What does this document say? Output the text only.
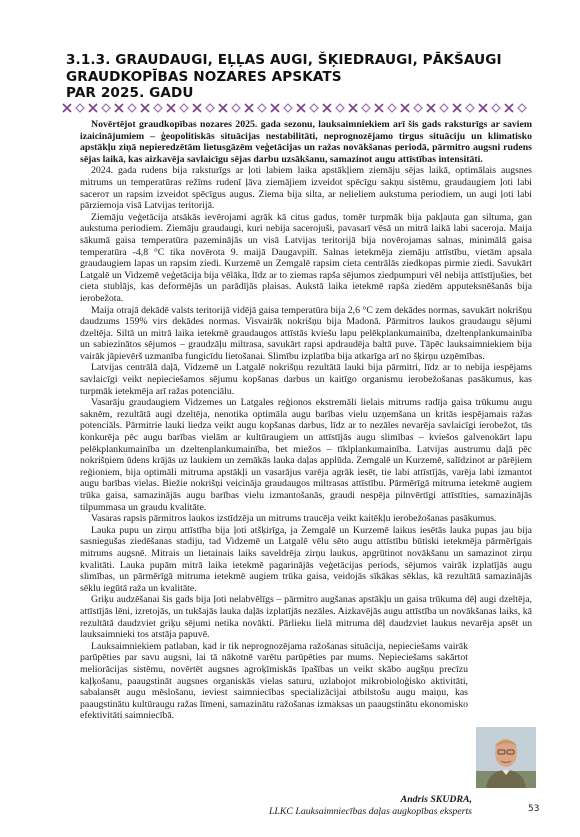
3.1.3. GRAUDAUGI, EĻĻAS AUGI, ŠĶIEDRAUGI, PĀKŠAUGI
GRAUDKOPĪBAS NOZARES APSKATS
PAR 2025. GADU

Novērtējot graudkopības nozares 2025. gada sezonu, lauksaimniekiem arī šis gads raksturīgs ar saviem izaicinājumiem – ģeopolitiskās situācijas nestabilitāti, neprognozējamo tirgus situāciju un klimatisko apstākļu ziņā nepieredzētām lietusgāzēm veģetācijas un ražas novākšanas periodā, pārmitro augsni rudens sējas laikā, kas aizkavēja savlaicīgu sējas darbu uzsākšanu, samazinot augu attīstības intensitāti.

2024. gada rudens bija raksturīgs ar ļoti labiem laika apstākļiem ziemāju sējas laikā, optimālais augsnes mitrums un temperatūras režīms rudenī ļāva ziemājiem izveidot spēcīgu sakņu sistēmu, graudaugiem ļoti labi saceroт un rapsim izveidot spēcīgus augus. Ziema bija silta, ar nelieliem aukstuma periodiem, un augi ļoti labi pārziemoja visā Latvijas teritorijā.

Ziemāju veģetācija atsākās ievērojami agrāk kā citus gadus, tomēr turpmāk bija pakļauta gan siltuma, gan aukstuma periodiem. Ziemāju graudaugi, kuri nebija sacerojuši, pavasarī vēsā un mitrā laikā labi saceroja. Maija sākumā gaisa temperatūra pazeminājās un visā Latvijas teritorijā bija novērojamas salnas, minimālā gaisa temperatūra -4,8 °C tika novērota 9. maijā Daugavpilī. Salnas ietekmēja ziemāju attīstību, vietām apsala graudaugiem lapas un rapsim ziedi. Kurzemē un Zemgalē rapsim cieta centrālās ziedkopas pirmie ziedi. Savukārt Latgalē un Vidzemē veģetācija bija vēlāka, līdz ar to ziemas rapša sējumos ziedpumpuri vēl nebija attīstījušies, bet cieta stublājs, kas deformējās un parādījās plaisas. Aukstā laika ietekmē rapša ziedēm apputeksnēšanās bija ierobežota.

Maija otrajā dekādē valsts teritorijā vidējā gaisa temperatūra bija 2,6 °C zem dekādes normas, savukārt nokrišņu daudzums 159% virs dekādes normas. Visvairāk nokrišņu bija Madonā. Pārmitros laukos graudaugu sējumi dzeltēja. Siltā un mitrā laika ietekmē graudaugos attīstās kviešu lapu pelēkplankumainība, dzeltenplankumainība un sabiezinātos sējumos – graudzāļu miltrasa, savukārt rapsi apdraudēja baltā puve. Tāpēc lauksaimniekiem bija vairāk jāpievērš uzmanība fungicīdu lietošanai. Slimību izplatība bija atkarīga arī no šķirņu uzņēmības.

Latvijas centrālā daļā, Vidzemē un Latgalē nokrišņu rezultātā lauki bija pārmitri, līdz ar to nebija iespējams savlaicīgi veikt nepieciešamos sējumu kopšanas darbus un kaitīgo organismu ierobežošanas pasākumus, kas turpmāk ietekmēja arī ražas potenciālu.

Vasarāju graudaugiem Vidzemes un Latgales reģionos ekstremāli lielais mitrums radīja gaisa trūkumu augu saknēm, rezultātā augi dzeltēja, nenotika optimāla augu barības vielu uzņemšana un kritās iespējamais ražas potenciāls. Pārmitrie lauki liedza veikt augu kopšanas darbus, līdz ar to nezāles nevarēja savlaicīgi ierobežot, tās konkurēja pēc augu barības vielām ar kultūraugiem un attīstījās augu slimības – kviešos galvenokārt lapu pelēkplankumainība un dzeltenplankumainība, bet miežos – tīklplankumainība. Latvijas austrumu daļā pēc nokrišņiem ūdens krājās uz laukiem un zemākās lauka daļas applūda. Zemgalē un Kurzemē, salīdzinot ar pārējiem reģioniem, bija optimāli mitruma apstākļi un vasarājus varēja agrāk iesēt, tie labi attīstījās, varēja labi izmantot augu barības vielas. Biežie nokrišņi veicināja graudaugos miltrasas attīstību. Pārmērīgā mitruma ietekmē augiem trūka gaisa, samazinājās augu barības vielu izmantošanās, graudi nespēja pilnvērtīgi attīstīties, samazinājās tilpummasa un graudu kvalitāte.

Vasaras rapsis pārmitros laukos izstīdzēja un mitrums traucēja veikt kaitēkļu ierobežošanas pasākumus.

Lauka pupu un zirņu attīstība bija ļoti atšķirīga, ja Zemgalē un Kurzemē laikus iesētās lauka pupas jau bija sasniegušas ziedēšanas stadiju, tad Vidzemē un Latgalē vēlu sēto augu attīstību būtiski ietekmēja pārmērīgais mitrums augsnē. Mitrais un lietainais laiks saveldrēja zirņu laukus, apgrūtinot novākšanu un samazinot zirņu kvalitāti. Lauka pupām mitrā laika ietekmē pagarinājās veģetācijas periods, sējumos vairāk izplatījās augu slimības, un pārmērīgā mitruma ietekmē augiem trūka gaisa, veidojās sīkākas sēklas, kā rezultātā samazinājās sēklu iegūtā raža un kvalitāte.

Griķu audzēšanai šis gads bija ļoti nelabvēlīgs – pārmitro augšanas apstākļu un gaisa trūkuma dēļ augi dzeltēja, attīstījās lēni, izretojās, un tukšajās lauka daļās izplatījās nezāles. Aizkavējās augu attīstība un novākšanas laiks, kā rezultātā daudzviet griķu sējumi netika novākti. Pārlieku lielā mitruma dēļ daudzviet laukus nevarēja apsēt un lauksaimnieki tos atstāja papuvē.

Lauksaimniekiem patlaban, kad ir tik neprognozējama ražošanas situācija, nepieciešams vairāk parūpēties par savu augsni, lai tā nākotnē varētu parūpēties par mums. Nepieciešams sakārtot meliorācijas sistēmu, novērtēt augsnes agroķīmiskās īpašības un veikt skābo augšņu precīzu kaļķošanu, paaugstināt augsnes organiskās vielas saturu, uzlabojot mikrobioloģisko aktivitāti, sabalansēt augu mēslošanu, ieviest saimniecības specializācijai atbilstošu augu maiņu, kas paaugstinātu kultūraugu ražas līmeni, samazinātu ražošanas izmaksas un paaugstinātu ekonomisko efektivitāti saimniecībā.

Andris SKUDRA,
LLKC Lauksaimniecības daļas augkopības eksperts	53
